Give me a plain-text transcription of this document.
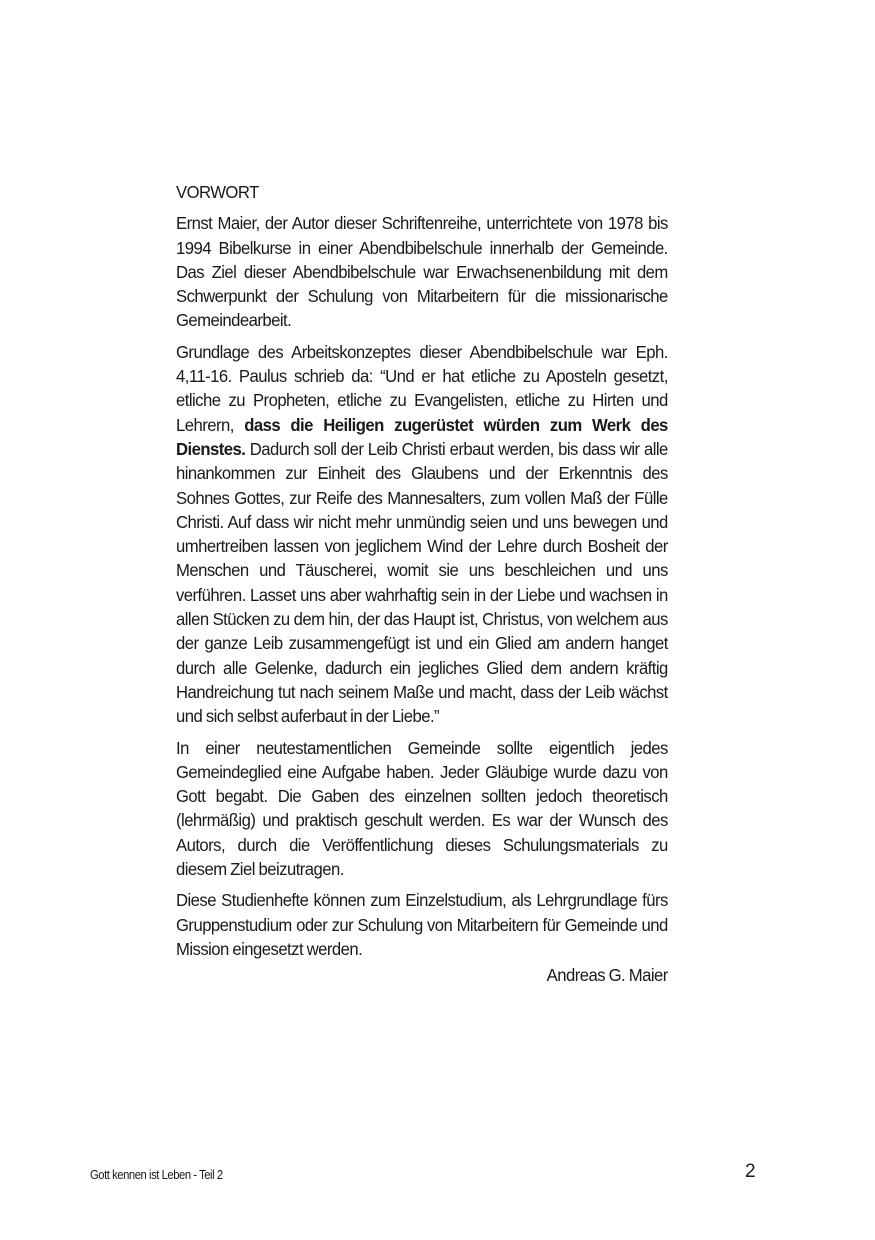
VORWORT

Ernst Maier, der Autor dieser Schriftenreihe, unterrichtete von 1978 bis 1994 Bibelkurse in einer Abendbibelschule innerhalb der Gemeinde. Das Ziel dieser Abendbibelschule war Erwachsenenbildung mit dem Schwerpunkt der Schulung von Mitarbeitern für die missionarische Gemeindearbeit.

Grundlage des Arbeitskonzeptes dieser Abendbibelschule war Eph. 4,11-16. Paulus schrieb da: “Und er hat etliche zu Aposteln gesetzt, etliche zu Propheten, etliche zu Evangelisten, etliche zu Hirten und Lehrern, dass die Heiligen zugerüstet würden zum Werk des Dienstes. Dadurch soll der Leib Christi erbaut werden, bis dass wir alle hinankommen zur Einheit des Glaubens und der Erkenntnis des Sohnes Gottes, zur Reife des Mannesalters, zum vollen Maß der Fülle Christi. Auf dass wir nicht mehr unmündig seien und uns bewegen und umhertreiben lassen von jeglichem Wind der Lehre durch Bosheit der Menschen und Täuscherei, womit sie uns beschleichen und uns verführen. Lasset uns aber wahrhaftig sein in der Liebe und wachsen in allen Stücken zu dem hin, der das Haupt ist, Christus, von welchem aus der ganze Leib zusammengefügt ist und ein Glied am andern hanget durch alle Gelenke, dadurch ein jegliches Glied dem andern kräftig Handreichung tut nach seinem Maße und macht, dass der Leib wächst und sich selbst auferbaut in der Liebe.”

In einer neutestamentlichen Gemeinde sollte eigentlich jedes Gemeindeglied eine Aufgabe haben. Jeder Gläubige wurde dazu von Gott begabt. Die Gaben des einzelnen sollten jedoch theoretisch (lehrmäßig) und praktisch geschult werden. Es war der Wunsch des Autors, durch die Veröffentlichung dieses Schulungsmaterials zu diesem Ziel beizutragen.

Diese Studienhefte können zum Einzelstudium, als Lehrgrundlage fürs Gruppenstudium oder zur Schulung von Mitarbeitern für Gemeinde und Mission eingesetzt werden.

Andreas G. Maier

Gott kennen ist Leben - Teil 2	2
